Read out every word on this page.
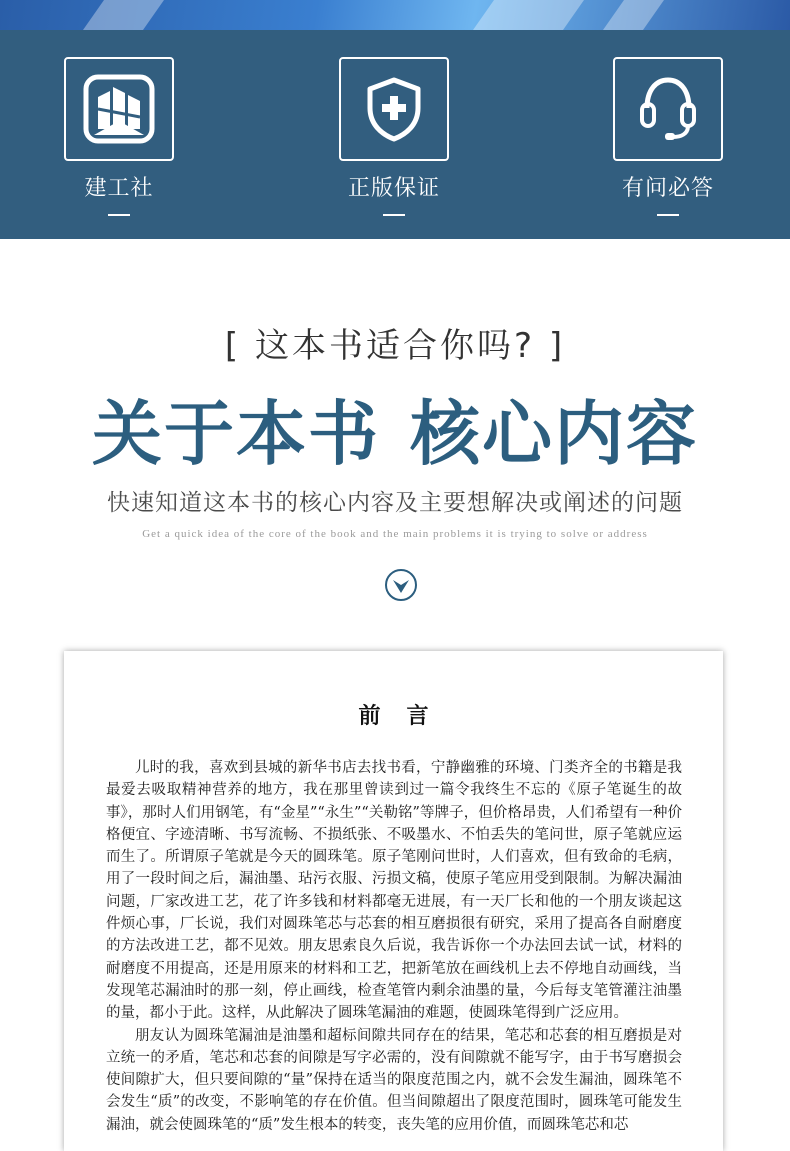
建工社	正版保证	有问必答
[ 这本书适合你吗? ]
关于本书 核心内容
快速知道这本书的核心内容及主要想解决或阐述的问题
Get a quick idea of the core of the book and the main problems it is trying to solve or address
前言

儿时的我，喜欢到县城的新华书店去找书看，宁静幽雅的环境、门类齐全的书籍是我最爱去吸取精神营养的地方，我在那里曾读到过一篇令我终生不忘的《原子笔诞生的故事》，那时人们用钢笔，有“金星”“永生”“关勒铭”等牌子，但价格昂贵，人们希望有一种价格便宜、字迹清晰、书写流畅、不损纸张、不吸墨水、不怕丢失的笔问世，原子笔就应运而生了。所谓原子笔就是今天的圆珠笔。原子笔刚问世时，人们喜欢，但有致命的毛病，用了一段时间之后，漏油墨、玷污衣服、污损文稿，使原子笔应用受到限制。为解决漏油问题，厂家改进工艺，花了许多钱和材料都毫无进展，有一天厂长和他的一个朋友谈起这件烦心事，厂长说，我们对圆珠笔芯与芯套的相互磨损很有研究，采用了提高各自耐磨度的方法改进工艺，都不见效。朋友思索良久后说，我告诉你一个办法回去试一试，材料的耐磨度不用提高，还是用原来的材料和工艺，把新笔放在画线机上去不停地自动画线，当发现笔芯漏油时的那一刻，停止画线，检查笔管内剩余油墨的量，今后每支笔管灌注油墨的量，都小于此。这样，从此解决了圆珠笔漏油的难题，使圆珠笔得到广泛应用。

朋友认为圆珠笔漏油是油墨和超标间隙共同存在的结果，笔芯和芯套的相互磨损是对立统一的矛盾，笔芯和芯套的间隙是写字必需的，没有间隙就不能写字，由于书写磨损会使间隙扩大，但只要间隙的“量”保持在适当的限度范围之内，就不会发生漏油，圆珠笔不会发生“质”的改变，不影响笔的存在价值。但当间隙超出了限度范围时，圆珠笔可能发生漏油，就会使圆珠笔的“质”发生根本的转变，丧失笔的应用价值，而圆珠笔芯和芯
